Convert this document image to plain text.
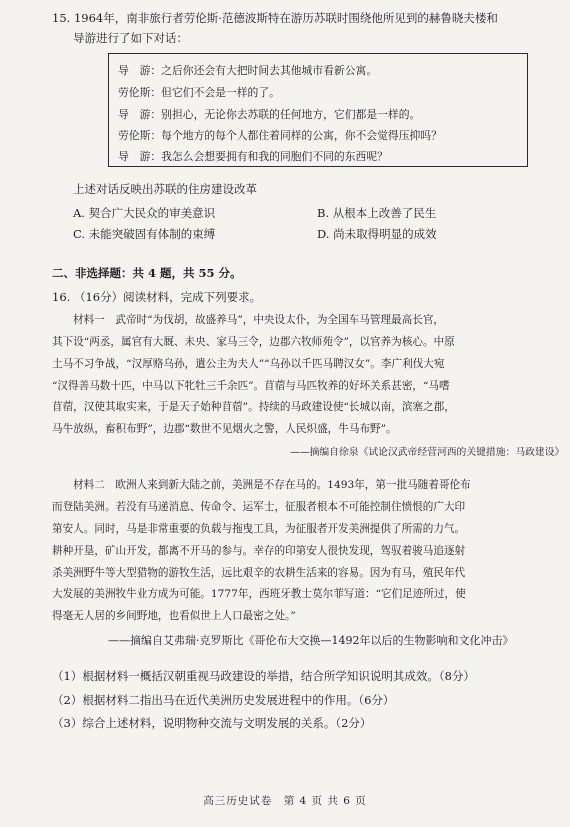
15. 1964年，南非旅行者劳伦斯·范德波斯特在游历苏联时围绕他所见到的赫鲁晓夫楼和
导游进行了如下对话：
导　游：之后你还会有大把时间去其他城市看新公寓。
劳伦斯：但它们不会是一样的了。
导　游：别担心，无论你去苏联的任何地方，它们都是一样的。
劳伦斯：每个地方的每个人都住着同样的公寓，你不会觉得压抑吗？
导　游：我怎么会想要拥有和我的同胞们不同的东西呢？
上述对话反映出苏联的住房建设改革
A. 契合广大民众的审美意识	B. 从根本上改善了民生
C. 未能突破固有体制的束缚	D. 尚未取得明显的成效
二、非选择题：共 4 题，共 55 分。
16. （16分）阅读材料，完成下列要求。
材料一　武帝时“为伐胡，故盛养马”，中央设太仆，为全国车马管理最高长官，
其下设“两丞，属官有大厩、未央、家马三令，边郡六牧师苑令”，以官养为核心。中原
土马不习争战，“汉厚赂乌孙，遣公主为夫人”“乌孙以千匹马聘汉女”。李广利伐大宛
“汉得善马数十匹，中马以下牝牡三千余匹”。苜蓿与马匹牧养的好坏关系甚密，“马嗜
苜蓿，汉使其取实来，于是天子始种苜蓿”。持续的马政建设使“长城以南，滨塞之郡，
马牛放纵，畜积布野”，边郡“数世不见烟火之警，人民炽盛，牛马布野”。
——摘编自徐泉《试论汉武帝经营河西的关键措施：马政建设》
材料二　欧洲人来到新大陆之前，美洲是不存在马的。1493年，第一批马随着哥伦布
而登陆美洲。若没有马递消息、传命令、运军士，征服者根本不可能控制住愤恨的广大印
第安人。同时，马是非常重要的负载与拖曳工具，为征服者开发美洲提供了所需的力气。
耕种开垦，矿山开发，都离不开马的参与。幸存的印第安人很快发现，驾驭着骏马追逐射
杀美洲野牛等大型猎物的游牧生活，远比艰辛的农耕生活来的容易。因为有马，殖民年代
大发展的美洲牧牛业方成为可能。1777年，西班牙教士莫尔菲写道：“它们足迹所过，使
得毫无人居的乡间野地，也看似世上人口最密之处。”
——摘编自艾弗瑞·克罗斯比《哥伦布大交换—1492年以后的生物影响和文化冲击》
（1）根据材料一概括汉朝重视马政建设的举措，结合所学知识说明其成效。（8分）
（2）根据材料二指出马在近代美洲历史发展进程中的作用。（6分）
（3）综合上述材料，说明物种交流与文明发展的关系。（2分）
高三历史试卷　第 4 页 共 6 页
